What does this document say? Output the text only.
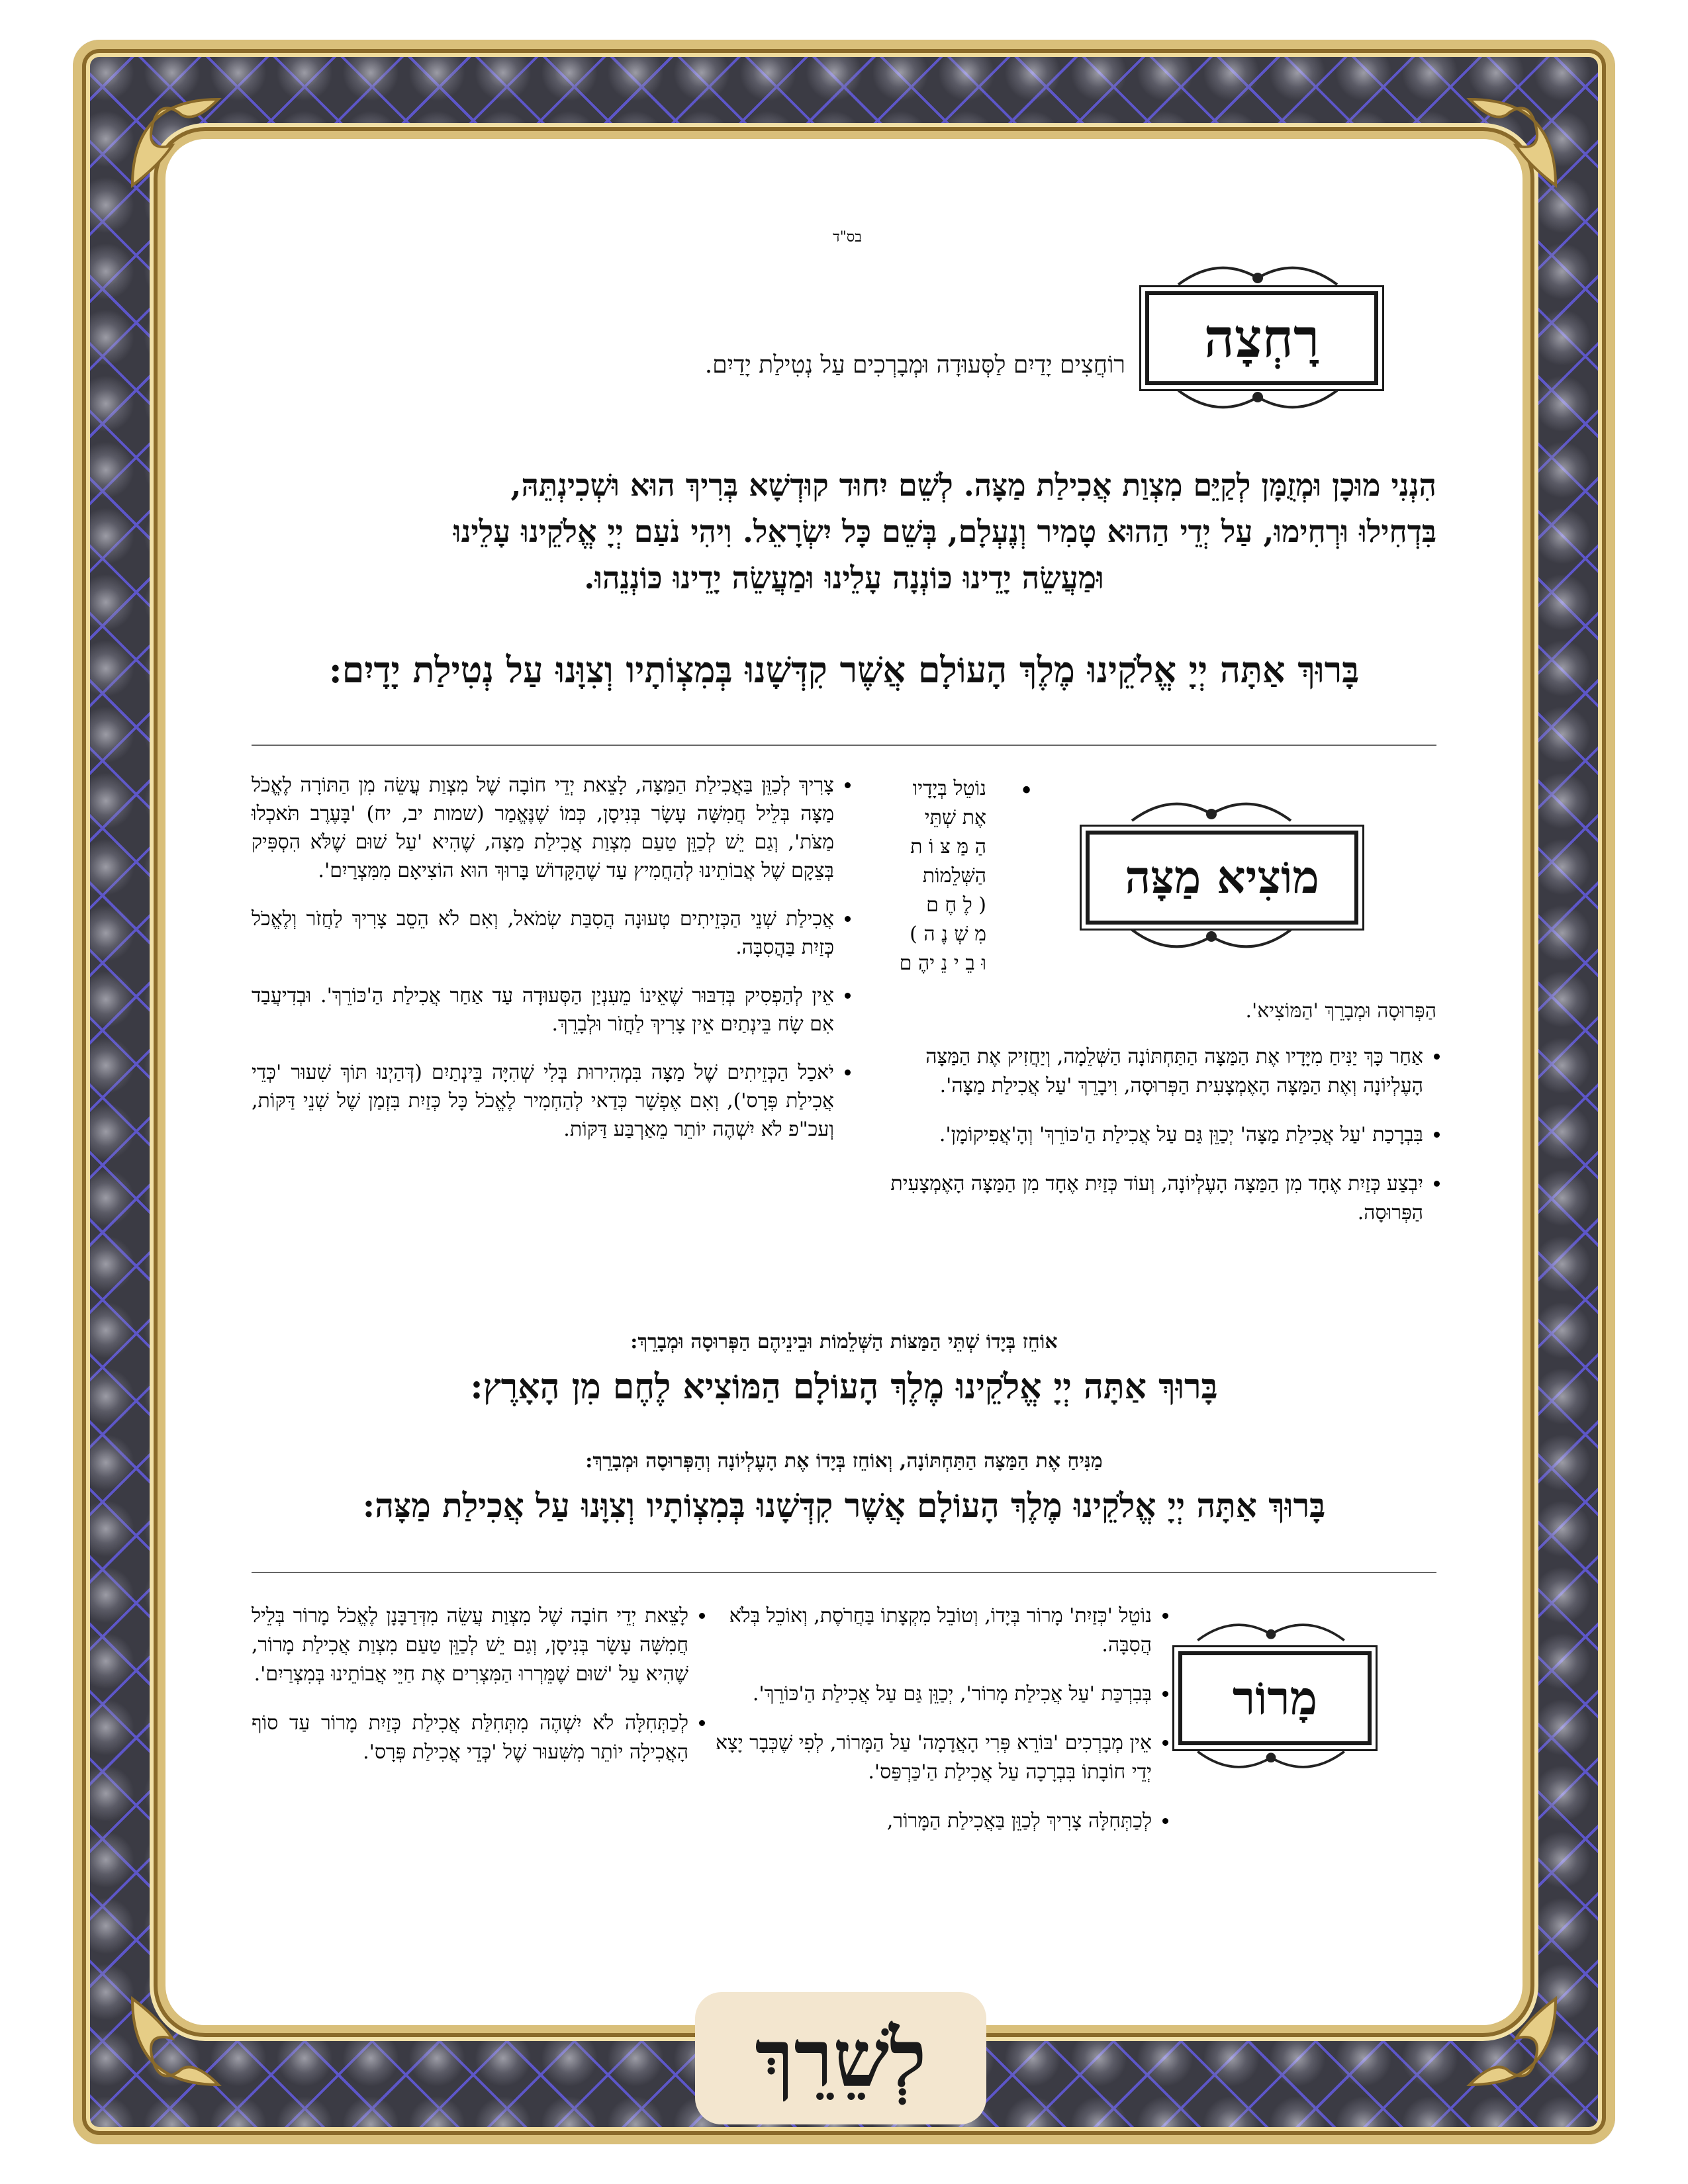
בס"ד
רָחְצָה
רוֹחֲצִים יָדַיִם לַסְּעוּדָה וּמְבָרְכִים עַל נְטִילַת יָדַיִם.
הִנְנִי מוּכָן וּמְזֻמָּן לְקַיֵּם מִצְוַת אֲכִילַת מַצָּה. לְשֵׁם יִחוּד קוּדְשָׁא בְּרִיךְ הוּא וּשְׁכִינְתֵּהּ,
בִּדְחִילוּ וּרְחִימוּ, עַל יְדֵי הַהוּא טָמִיר וְנֶעְלָם, בְּשֵׁם כָּל יִשְׂרָאֵל. וִיהִי נֹעַם יְיָ אֱלֹקֵינוּ עָלֵינוּ
וּמַעֲשֵׂה יָדֵינוּ כּוֹנְנָה עָלֵינוּ וּמַעֲשֵׂה יָדֵינוּ כּוֹנְנֵהוּ.
בָּרוּךְ אַתָּה יְיָ אֱלֹקֵינוּ מֶלֶךְ הָעוֹלָם אֲשֶׁר קִדְּשָׁנוּ בְּמִצְוֹתָיו וְצִוָּנוּ עַל נְטִילַת יָדָיִם:
נוֹטֵל בְּיָדָיו
אֶת שְׁתֵּי
הַ מַּ צּ וֹ ת
הַשְּׁלֵמוֹת
( לֶ חֶ ם
מִ שְׁ נֶ ה )
וּ בֵ י נֵ יהֶ ם
•
מוֹצִיא מַצָּה
הַפְּרוּסָה וּמְבָרֵךְ 'הַמּוֹצִיא'.
• אַחַר כָּךְ יַנִּיחַ מִיָּדָיו אֶת הַמַּצָּה הַתַּחְתּוֹנָה הַשְּׁלֵמָה, וְיַחֲזִיק אֶת הַמַּצָּה הָעֶלְיוֹנָה וְאֶת הַמַּצָּה הָאֶמְצָעִית הַפְּרוּסָה, וִיבָרֵךְ 'עַל אֲכִילַת מַצָּה'.
• בִּבְרָכַת 'עַל אֲכִילַת מַצָּה' יְכַוֵּן גַּם עַל אֲכִילַת הַ'כּוֹרֵךְ' וְהָ'אֲפִיקוֹמָן'.
• יִבְצַע כְּזַיִת אֶחָד מִן הַמַּצָּה הָעֶלְיוֹנָה, וְעוֹד כְּזַיִת אֶחָד מִן הַמַּצָּה הָאֶמְצָעִית הַפְּרוּסָה.
• צָרִיךְ לְכַוֵּן בַּאֲכִילַת הַמַּצָּה, לָצֵאת יְדֵי חוֹבָה שֶׁל מִצְוַת עֲשֵׂה מִן הַתּוֹרָה לֶאֱכֹל מַצָּה בְּלֵיל חֲמִשָּׁה עָשָׂר בְּנִיסָן, כְּמוֹ שֶׁנֶּאֱמַר (שמות יב, יח) 'בָּעֶרֶב תֹּאכְלוּ מַצֹּת', וְגַם יֵשׁ לְכַוֵּן טַעַם מִצְוַת אֲכִילַת מַצָּה, שֶׁהִיא 'עַל שׁוּם שֶׁלֹּא הִסְפִּיק בְּצֵקָם שֶׁל אֲבוֹתֵינוּ לְהַחֲמִיץ עַד שֶׁהַקָּדוֹשׁ בָּרוּךְ הוּא הוֹצִיאָם מִמִּצְרַיִם'.
• אֲכִילַת שְׁנֵי הַכְּזֵיתִים טְעוּנָה הֲסִבַּת שְׂמֹאל, וְאִם לֹא הֵסֵב צָרִיךְ לַחֲזֹר וְלֶאֱכֹל כְּזַיִת בַּהֲסִבָּה.
• אֵין לְהַפְסִיק בְּדִבּוּר שֶׁאֵינוֹ מֵעִנְיַן הַסְּעוּדָה עַד אַחַר אֲכִילַת הַ'כּוֹרֵךְ'. וּבְדִיעֲבַד אִם שָׂח בֵּינְתַיִם אֵין צָרִיךְ לַחֲזֹר וּלְבָרֵךְ.
• יֹאכַל הַכְּזֵיתִים שֶׁל מַצָּה בִּמְהִירוּת בְּלִי שְׁהִיָּה בֵּינְתַיִם (דְּהַיְנוּ תּוֹךְ שִׁעוּר 'כְּדֵי אֲכִילַת פְּרָס'), וְאִם אֶפְשָׁר כְּדַאי לְהַחְמִיר לֶאֱכֹל כָּל כְּזַיִת בִּזְמַן שֶׁל שְׁנֵי דַּקּוֹת, וְעכ"פ לֹא יִשְׁהֶה יוֹתֵר מֵאַרְבַּע דַּקּוֹת.
אוֹחֵז בְּיָדוֹ שְׁתֵּי הַמַּצּוֹת הַשְּׁלֵמוֹת וּבֵינֵיהֶם הַפְּרוּסָה וּמְבָרֵךְ:
בָּרוּךְ אַתָּה יְיָ אֱלֹקֵינוּ מֶלֶךְ הָעוֹלָם הַמּוֹצִיא לֶחֶם מִן הָאָרֶץ:
מַנִּיחַ אֶת הַמַּצָּה הַתַּחְתּוֹנָה, וְאוֹחֵז בְּיָדוֹ אֶת הָעֶלְיוֹנָה וְהַפְּרוּסָה וּמְבָרֵךְ:
בָּרוּךְ אַתָּה יְיָ אֱלֹקֵינוּ מֶלֶךְ הָעוֹלָם אֲשֶׁר קִדְּשָׁנוּ בְּמִצְוֹתָיו וְצִוָּנוּ עַל אֲכִילַת מַצָּה:
מָרוֹר
• נוֹטֵל 'כְּזַיִת' מָרוֹר בְּיָדוֹ, וְטוֹבֵל מִקְצָתוֹ בַּחֲרֹסֶת, וְאוֹכֵל בְּלֹא הֲסִבָּה.
• בְּבִרְכַּת 'עַל אֲכִילַת מָרוֹר', יְכַוֵּן גַּם עַל אֲכִילַת הַ'כּוֹרֵךְ'.
• אֵין מְבָרְכִים 'בּוֹרֵא פְּרִי הָאֲדָמָה' עַל הַמָּרוֹר, לְפִי שֶׁכְּבָר יָצָא יְדֵי חוֹבָתוֹ בִּבְרָכָה עַל אֲכִילַת הַ'כַּרְפַּס'.
• לְכַתְּחִלָּה צָרִיךְ לְכַוֵּן בַּאֲכִילַת הַמָּרוֹר,
• לָצֵאת יְדֵי חוֹבָה שֶׁל מִצְוַת עֲשֵׂה מִדְּרַבָּנָן לֶאֱכֹל מָרוֹר בְּלֵיל חֲמִשָּׁה עָשָׂר בְּנִיסָן, וְגַם יֵשׁ לְכַוֵּן טַעַם מִצְוַת אֲכִילַת מָרוֹר, שֶׁהִיא עַל 'שׁוּם שֶׁמֵּרְרוּ הַמִּצְרִים אֶת חַיֵּי אֲבוֹתֵינוּ בְּמִצְרַיִם'.
• לְכַתְּחִלָּה לֹא יִשְׁהֶה מִתְּחִלַּת אֲכִילַת כְּזַיִת מָרוֹר עַד סוֹף הָאֲכִילָה יוֹתֵר מִשִּׁעוּר שֶׁל 'כְּדֵי אֲכִילַת פְּרָס'.
לְשֵׁרֵךְ
